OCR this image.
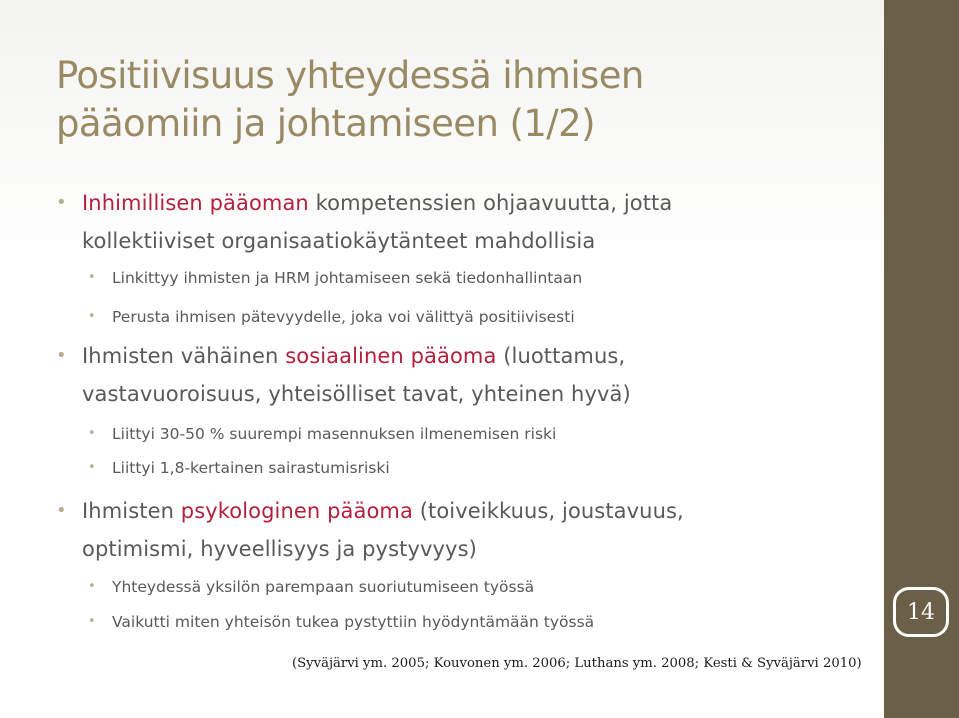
Positiivisuus yhteydessä ihmisen
pääomiin ja johtamiseen (1/2)
• Inhimillisen pääoman kompetenssien ohjaavuutta, jotta
kollektiiviset organisaatiokäytänteet mahdollisia
• Linkittyy ihmisten ja HRM johtamiseen sekä tiedonhallintaan
• Perusta ihmisen pätevyydelle, joka voi välittyä positiivisesti
• Ihmisten vähäinen sosiaalinen pääoma (luottamus,
vastavuoroisuus, yhteisölliset tavat, yhteinen hyvä)
• Liittyi 30-50 % suurempi masennuksen ilmenemisen riski
• Liittyi 1,8-kertainen sairastumisriski
• Ihmisten psykologinen pääoma (toiveikkuus, joustavuus,
optimismi, hyveellisyys ja pystyvyys)
• Yhteydessä yksilön parempaan suoriutumiseen työssä
• Vaikutti miten yhteisön tukea pystyttiin hyödyntämään työssä
(Syväjärvi ym. 2005; Kouvonen ym. 2006; Luthans ym. 2008; Kesti & Syväjärvi 2010)
14
